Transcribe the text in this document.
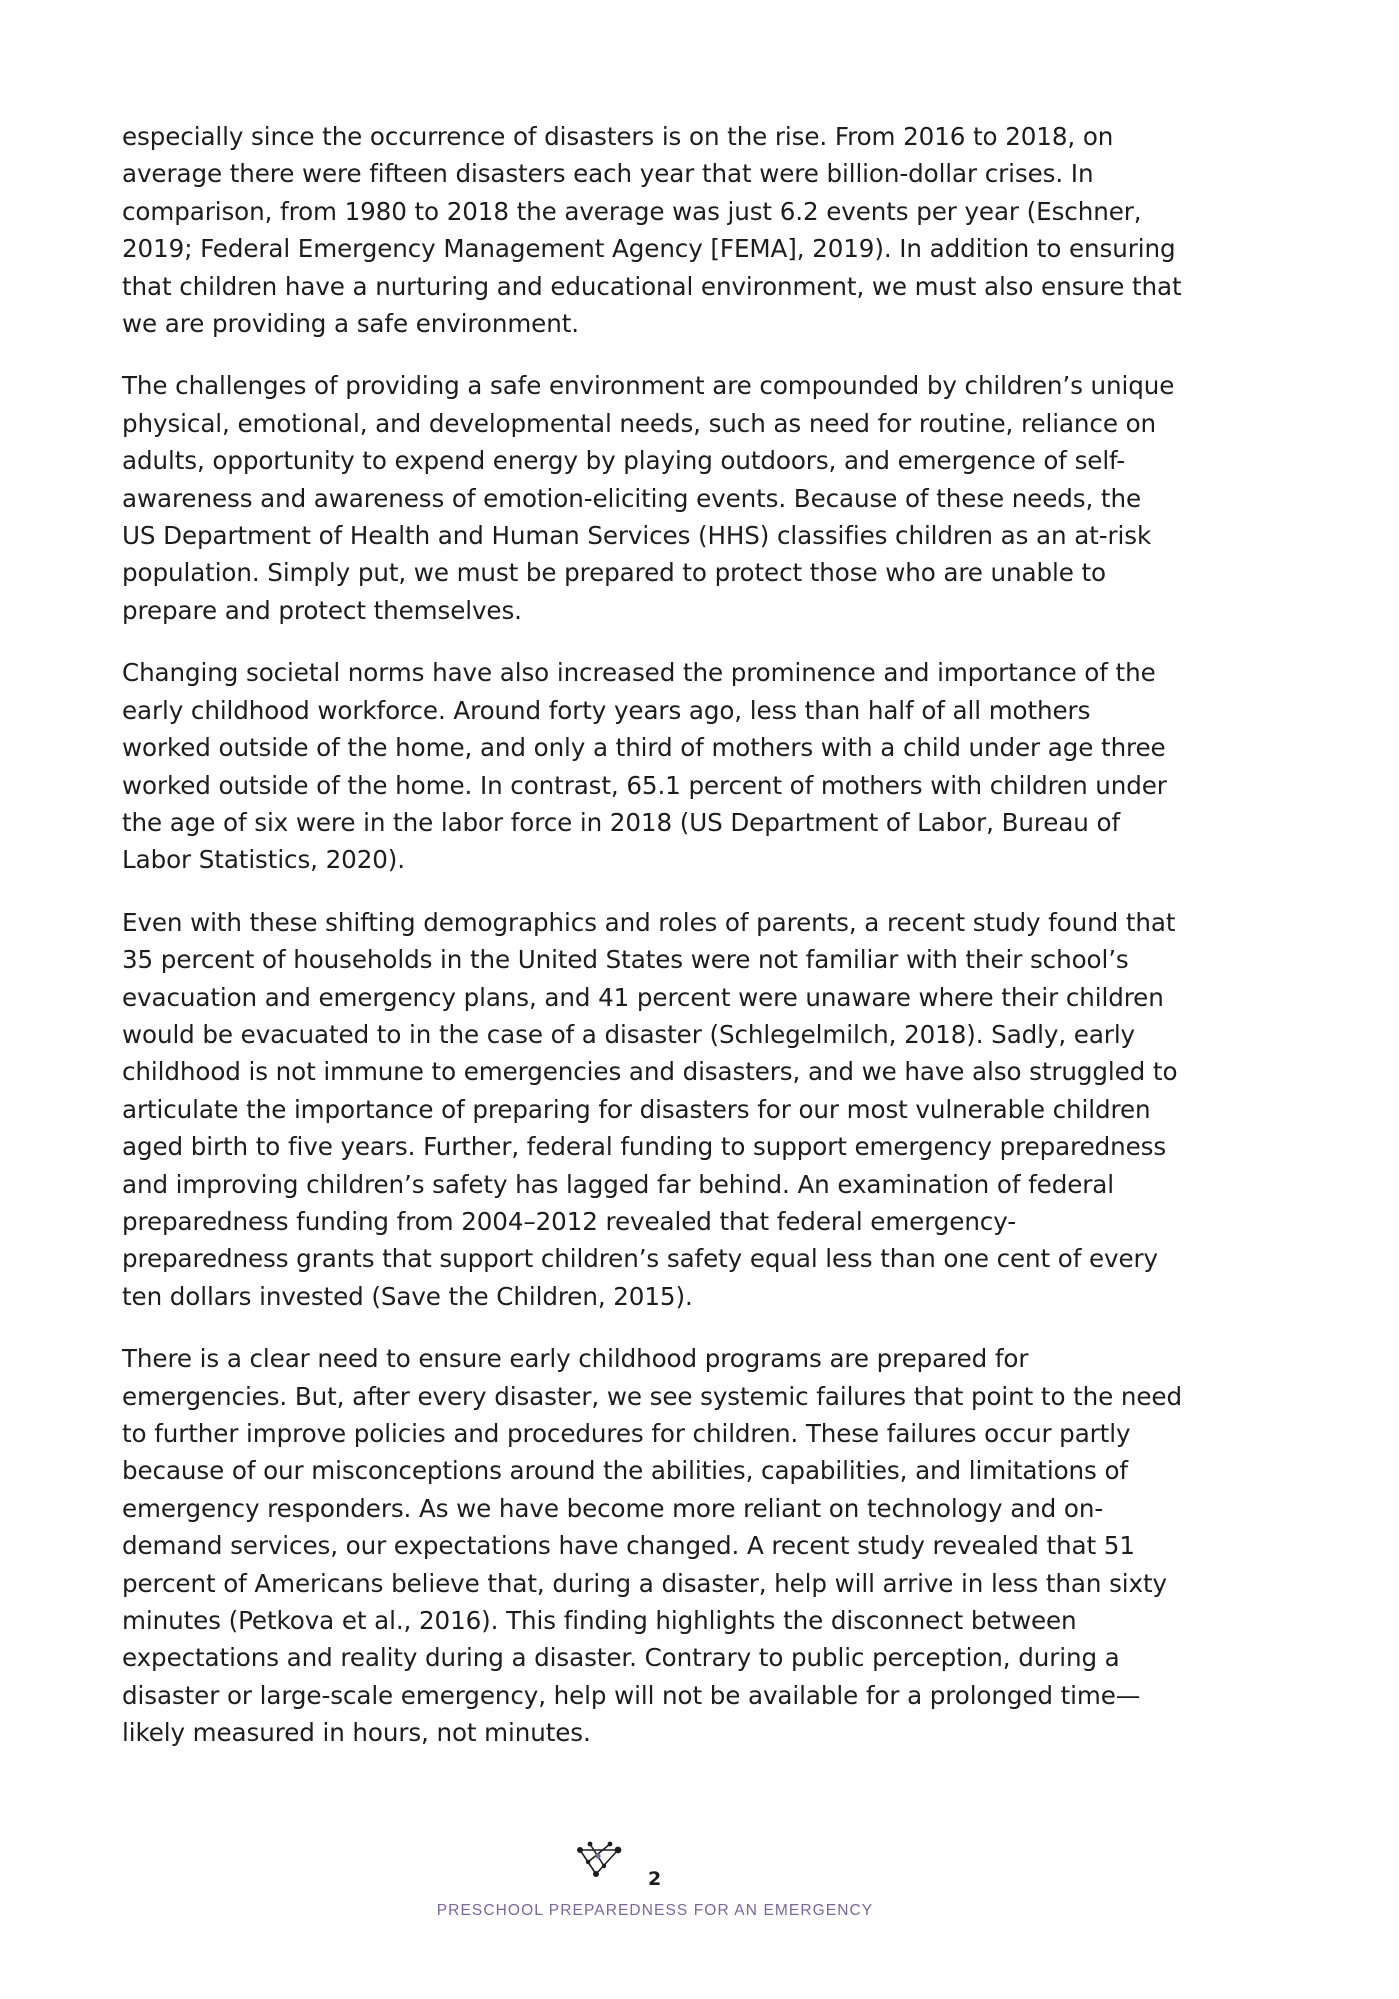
especially since the occurrence of disasters is on the rise. From 2016 to 2018, on average there were fifteen disasters each year that were billion-dollar crises. In comparison, from 1980 to 2018 the average was just 6.2 events per year (Eschner, 2019; Federal Emergency Management Agency [FEMA], 2019). In addition to ensuring that children have a nurturing and educational environment, we must also ensure that we are providing a safe environment.

The challenges of providing a safe environment are compounded by children’s unique physical, emotional, and developmental needs, such as need for routine, reliance on adults, opportunity to expend energy by playing outdoors, and emergence of self-awareness and awareness of emotion-eliciting events. Because of these needs, the US Department of Health and Human Services (HHS) classifies children as an at-risk population. Simply put, we must be prepared to protect those who are unable to prepare and protect themselves.

Changing societal norms have also increased the prominence and importance of the early childhood workforce. Around forty years ago, less than half of all mothers worked outside of the home, and only a third of mothers with a child under age three worked outside of the home. In contrast, 65.1 percent of mothers with children under the age of six were in the labor force in 2018 (US Department of Labor, Bureau of Labor Statistics, 2020).

Even with these shifting demographics and roles of parents, a recent study found that 35 percent of households in the United States were not familiar with their school’s evacuation and emergency plans, and 41 percent were unaware where their children would be evacuated to in the case of a disaster (Schlegelmilch, 2018). Sadly, early childhood is not immune to emergencies and disasters, and we have also struggled to articulate the importance of preparing for disasters for our most vulnerable children aged birth to five years. Further, federal funding to support emergency preparedness and improving children’s safety has lagged far behind. An examination of federal preparedness funding from 2004–2012 revealed that federal emergency-preparedness grants that support children’s safety equal less than one cent of every ten dollars invested (Save the Children, 2015).

There is a clear need to ensure early childhood programs are prepared for emergencies. But, after every disaster, we see systemic failures that point to the need to further improve policies and procedures for children. These failures occur partly because of our misconceptions around the abilities, capabilities, and limitations of emergency responders. As we have become more reliant on technology and on-demand services, our expectations have changed. A recent study revealed that 51 percent of Americans believe that, during a disaster, help will arrive in less than sixty minutes (Petkova et al., 2016). This finding highlights the disconnect between expectations and reality during a disaster. Contrary to public perception, during a disaster or large-scale emergency, help will not be available for a prolonged time— likely measured in hours, not minutes.

2
PRESCHOOL PREPAREDNESS FOR AN EMERGENCY
